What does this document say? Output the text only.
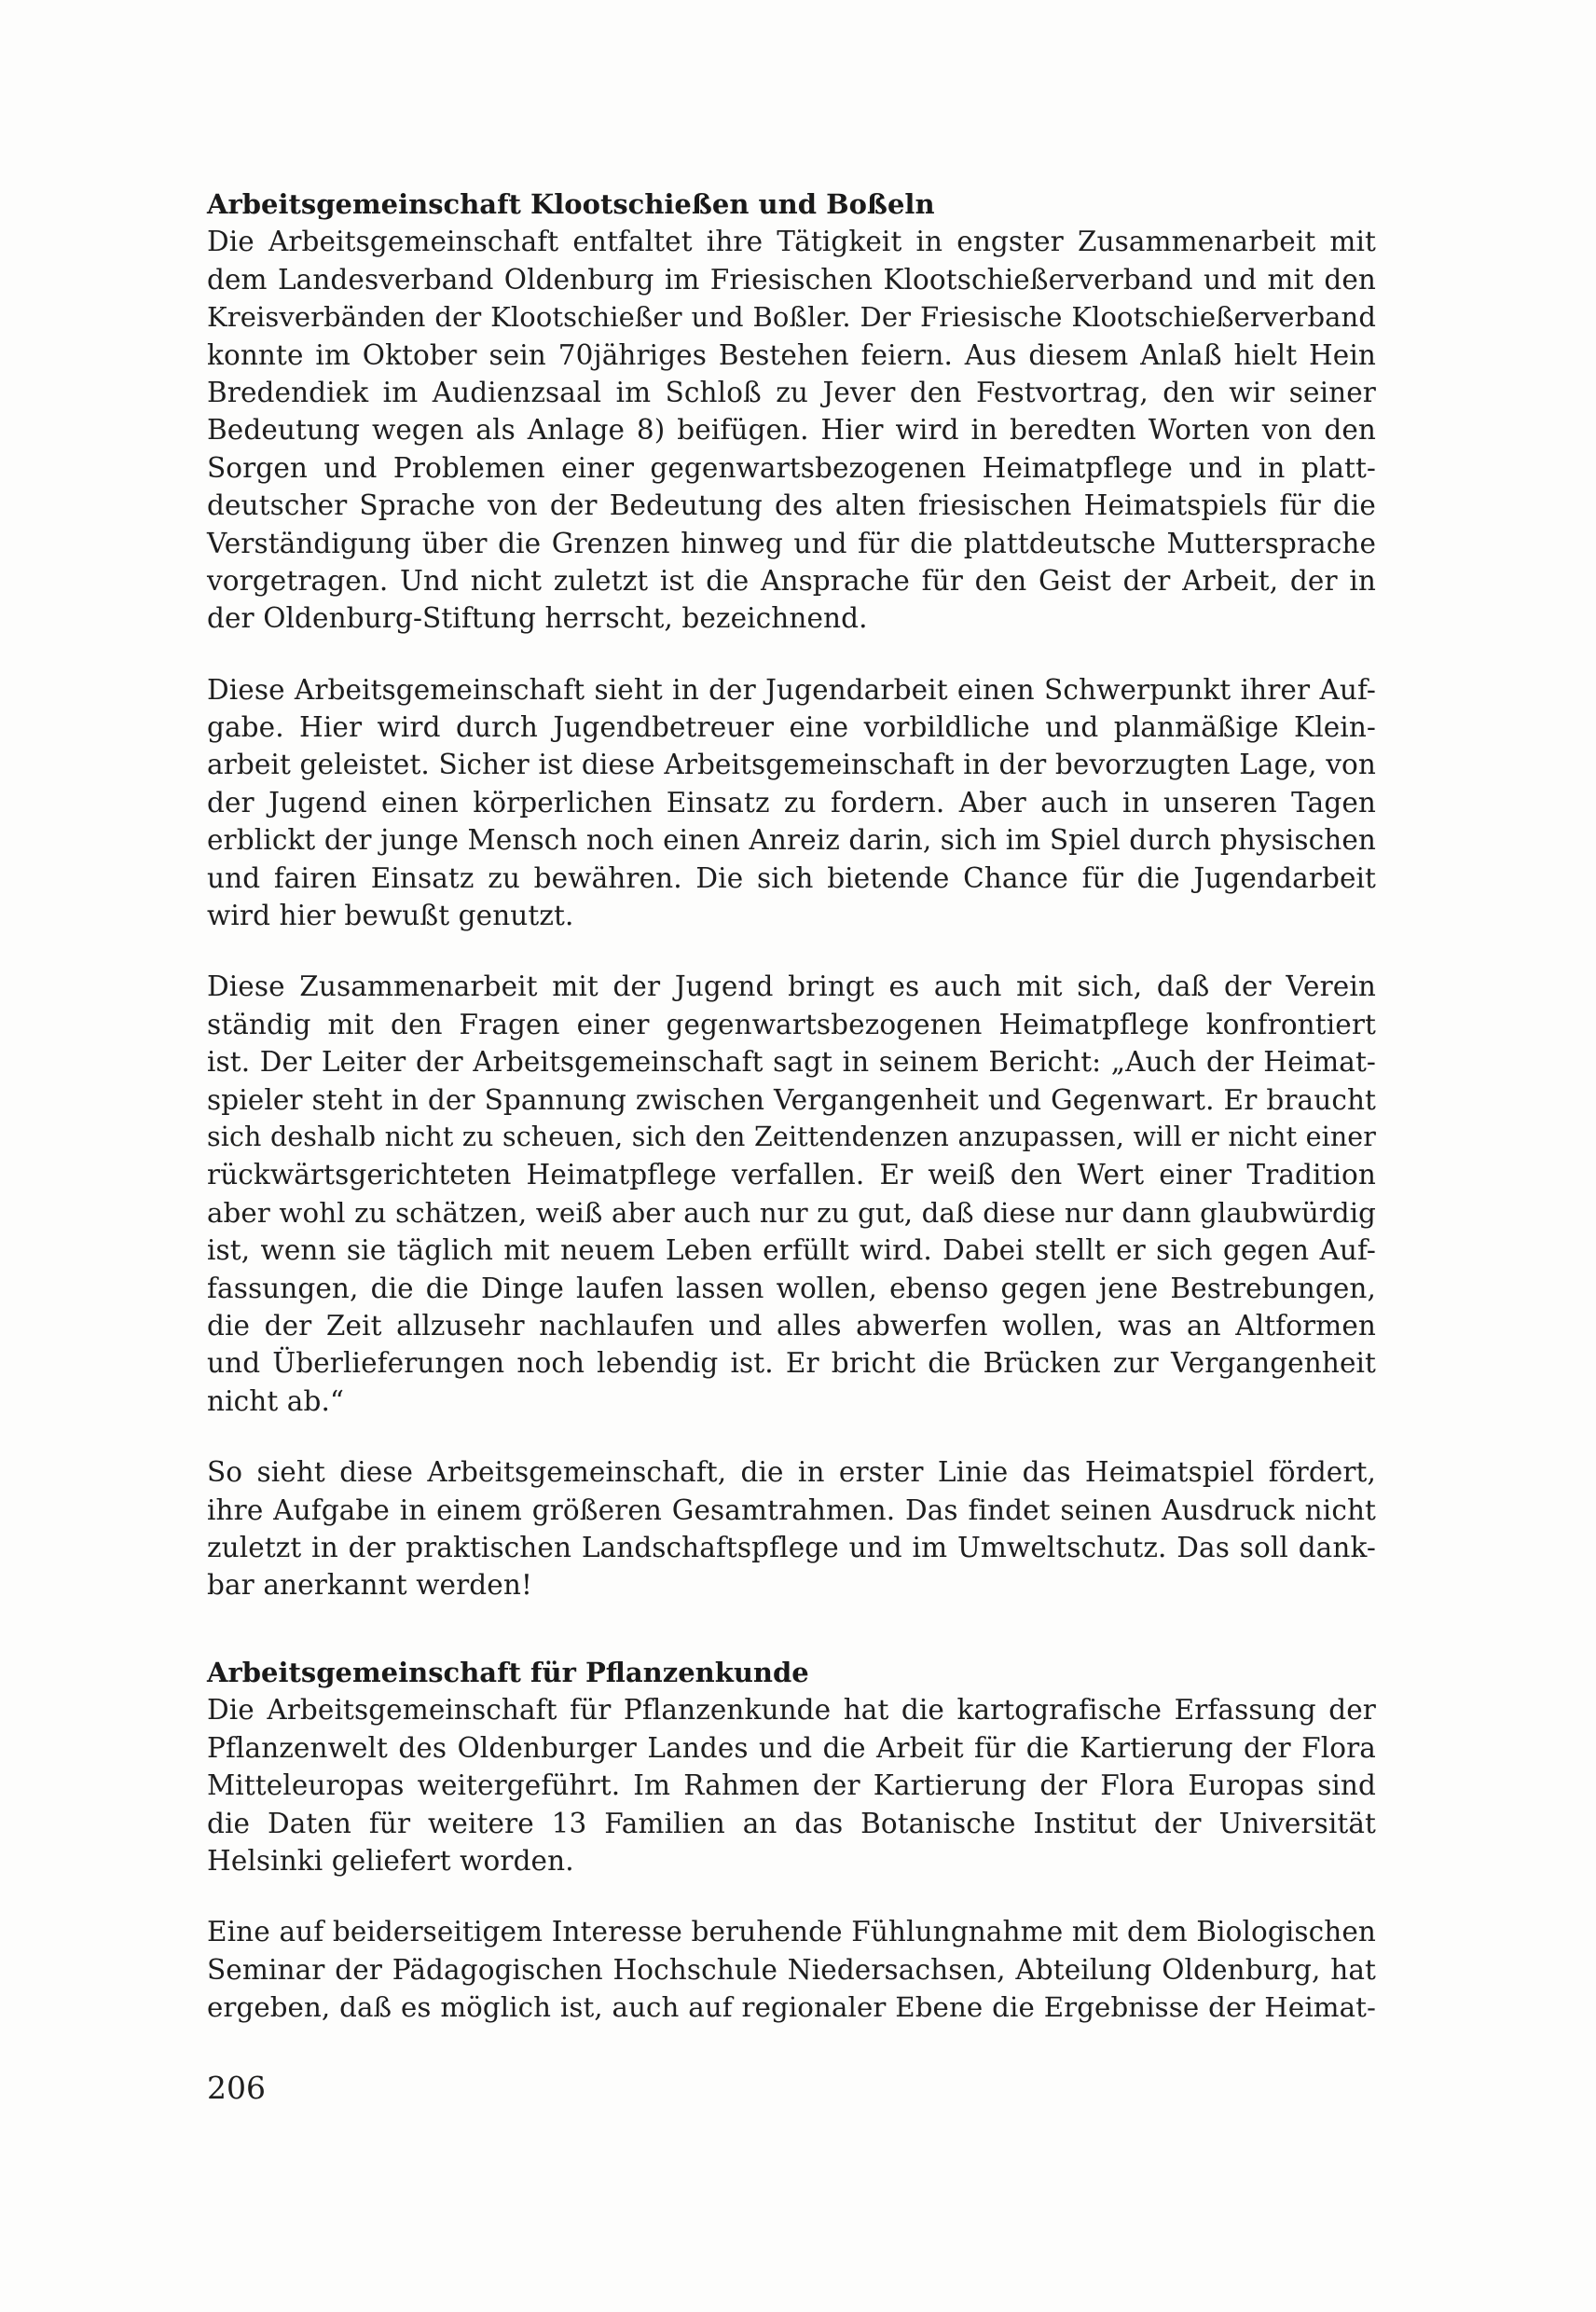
Arbeitsgemeinschaft Klootschießen und Boßeln
Die Arbeitsgemeinschaft entfaltet ihre Tätigkeit in engster Zusammenarbeit mit
dem Landesverband Oldenburg im Friesischen Klootschießerverband und mit den
Kreisverbänden der Klootschießer und Boßler. Der Friesische Klootschießerverband
konnte im Oktober sein 70jähriges Bestehen feiern. Aus diesem Anlaß hielt Hein
Bredendiek im Audienzsaal im Schloß zu Jever den Festvortrag, den wir seiner
Bedeutung wegen als Anlage 8) beifügen. Hier wird in beredten Worten von den
Sorgen und Problemen einer gegenwartsbezogenen Heimatpflege und in platt-
deutscher Sprache von der Bedeutung des alten friesischen Heimatspiels für die
Verständigung über die Grenzen hinweg und für die plattdeutsche Muttersprache
vorgetragen. Und nicht zuletzt ist die Ansprache für den Geist der Arbeit, der in
der Oldenburg-Stiftung herrscht, bezeichnend.
Diese Arbeitsgemeinschaft sieht in der Jugendarbeit einen Schwerpunkt ihrer Auf-
gabe. Hier wird durch Jugendbetreuer eine vorbildliche und planmäßige Klein-
arbeit geleistet. Sicher ist diese Arbeitsgemeinschaft in der bevorzugten Lage, von
der Jugend einen körperlichen Einsatz zu fordern. Aber auch in unseren Tagen
erblickt der junge Mensch noch einen Anreiz darin, sich im Spiel durch physischen
und fairen Einsatz zu bewähren. Die sich bietende Chance für die Jugendarbeit
wird hier bewußt genutzt.
Diese Zusammenarbeit mit der Jugend bringt es auch mit sich, daß der Verein
ständig mit den Fragen einer gegenwartsbezogenen Heimatpflege konfrontiert
ist. Der Leiter der Arbeitsgemeinschaft sagt in seinem Bericht: „Auch der Heimat-
spieler steht in der Spannung zwischen Vergangenheit und Gegenwart. Er braucht
sich deshalb nicht zu scheuen, sich den Zeittendenzen anzupassen, will er nicht einer
rückwärtsgerichteten Heimatpflege verfallen. Er weiß den Wert einer Tradition
aber wohl zu schätzen, weiß aber auch nur zu gut, daß diese nur dann glaubwürdig
ist, wenn sie täglich mit neuem Leben erfüllt wird. Dabei stellt er sich gegen Auf-
fassungen, die die Dinge laufen lassen wollen, ebenso gegen jene Bestrebungen,
die der Zeit allzusehr nachlaufen und alles abwerfen wollen, was an Altformen
und Überlieferungen noch lebendig ist. Er bricht die Brücken zur Vergangenheit
nicht ab.“
So sieht diese Arbeitsgemeinschaft, die in erster Linie das Heimatspiel fördert,
ihre Aufgabe in einem größeren Gesamtrahmen. Das findet seinen Ausdruck nicht
zuletzt in der praktischen Landschaftspflege und im Umweltschutz. Das soll dank-
bar anerkannt werden!
Arbeitsgemeinschaft für Pflanzenkunde
Die Arbeitsgemeinschaft für Pflanzenkunde hat die kartografische Erfassung der
Pflanzenwelt des Oldenburger Landes und die Arbeit für die Kartierung der Flora
Mitteleuropas weitergeführt. Im Rahmen der Kartierung der Flora Europas sind
die Daten für weitere 13 Familien an das Botanische Institut der Universität
Helsinki geliefert worden.
Eine auf beiderseitigem Interesse beruhende Fühlungnahme mit dem Biologischen
Seminar der Pädagogischen Hochschule Niedersachsen, Abteilung Oldenburg, hat
ergeben, daß es möglich ist, auch auf regionaler Ebene die Ergebnisse der Heimat-
206
